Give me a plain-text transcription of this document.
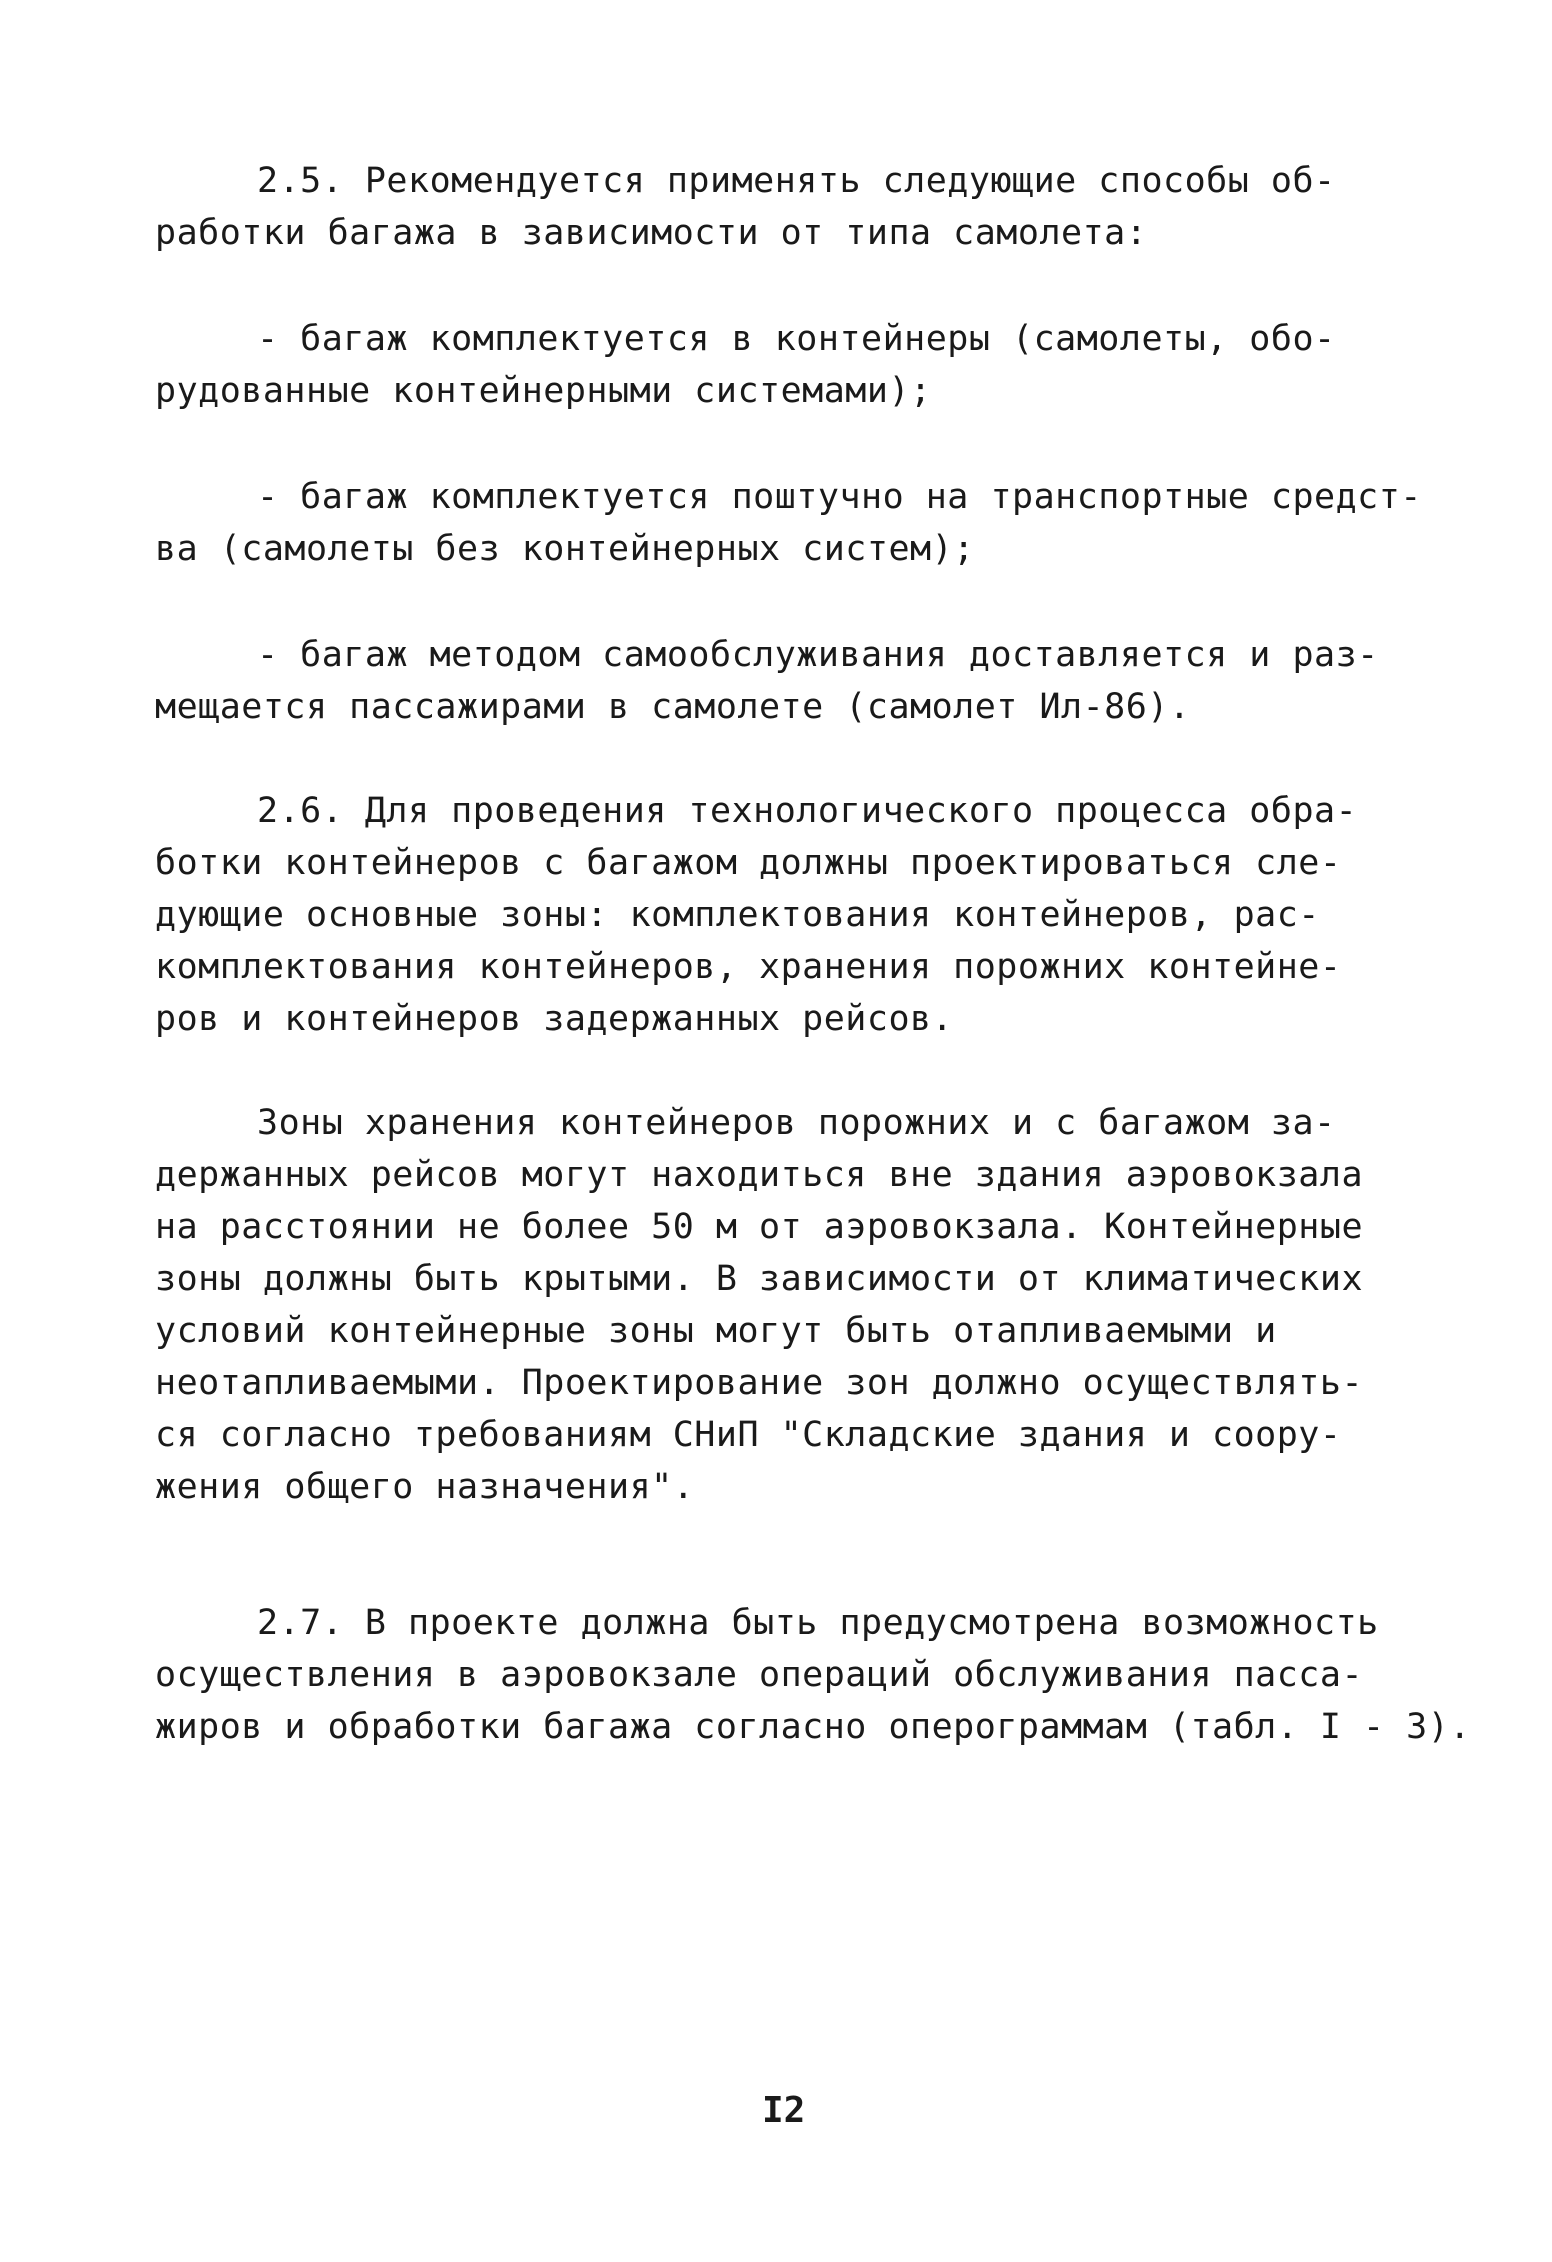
2.5. Рекомендуется применять следующие способы об-
работки багажа в зависимости от типа самолета:
- багаж комплектуется в контейнеры (самолеты, обо-
рудованные контейнерными системами);
- багаж комплектуется поштучно на транспортные средст-
ва (самолеты без контейнерных систем);
- багаж методом самообслуживания доставляется и раз-
мещается пассажирами в самолете (самолет Ил-86).
2.6. Для проведения технологического процесса обра-
ботки контейнеров с багажом должны проектироваться сле-
дующие основные зоны: комплектования контейнеров, рас-
комплектования контейнеров, хранения порожних контейне-
ров и контейнеров задержанных рейсов.
Зоны хранения контейнеров порожних и с багажом за-
держанных рейсов могут находиться вне здания аэровокзала
на расстоянии не более 50 м от аэровокзала. Контейнерные
зоны должны быть крытыми. В зависимости от климатических
условий контейнерные зоны могут быть отапливаемыми и
неотапливаемыми. Проектирование зон должно осуществлять-
ся согласно требованиям СНиП "Складские здания и соору-
жения общего назначения".
2.7. В проекте должна быть предусмотрена возможность
осуществления в аэровокзале операций обслуживания пасса-
жиров и обработки багажа согласно оперограммам (табл. I - 3).
I2
